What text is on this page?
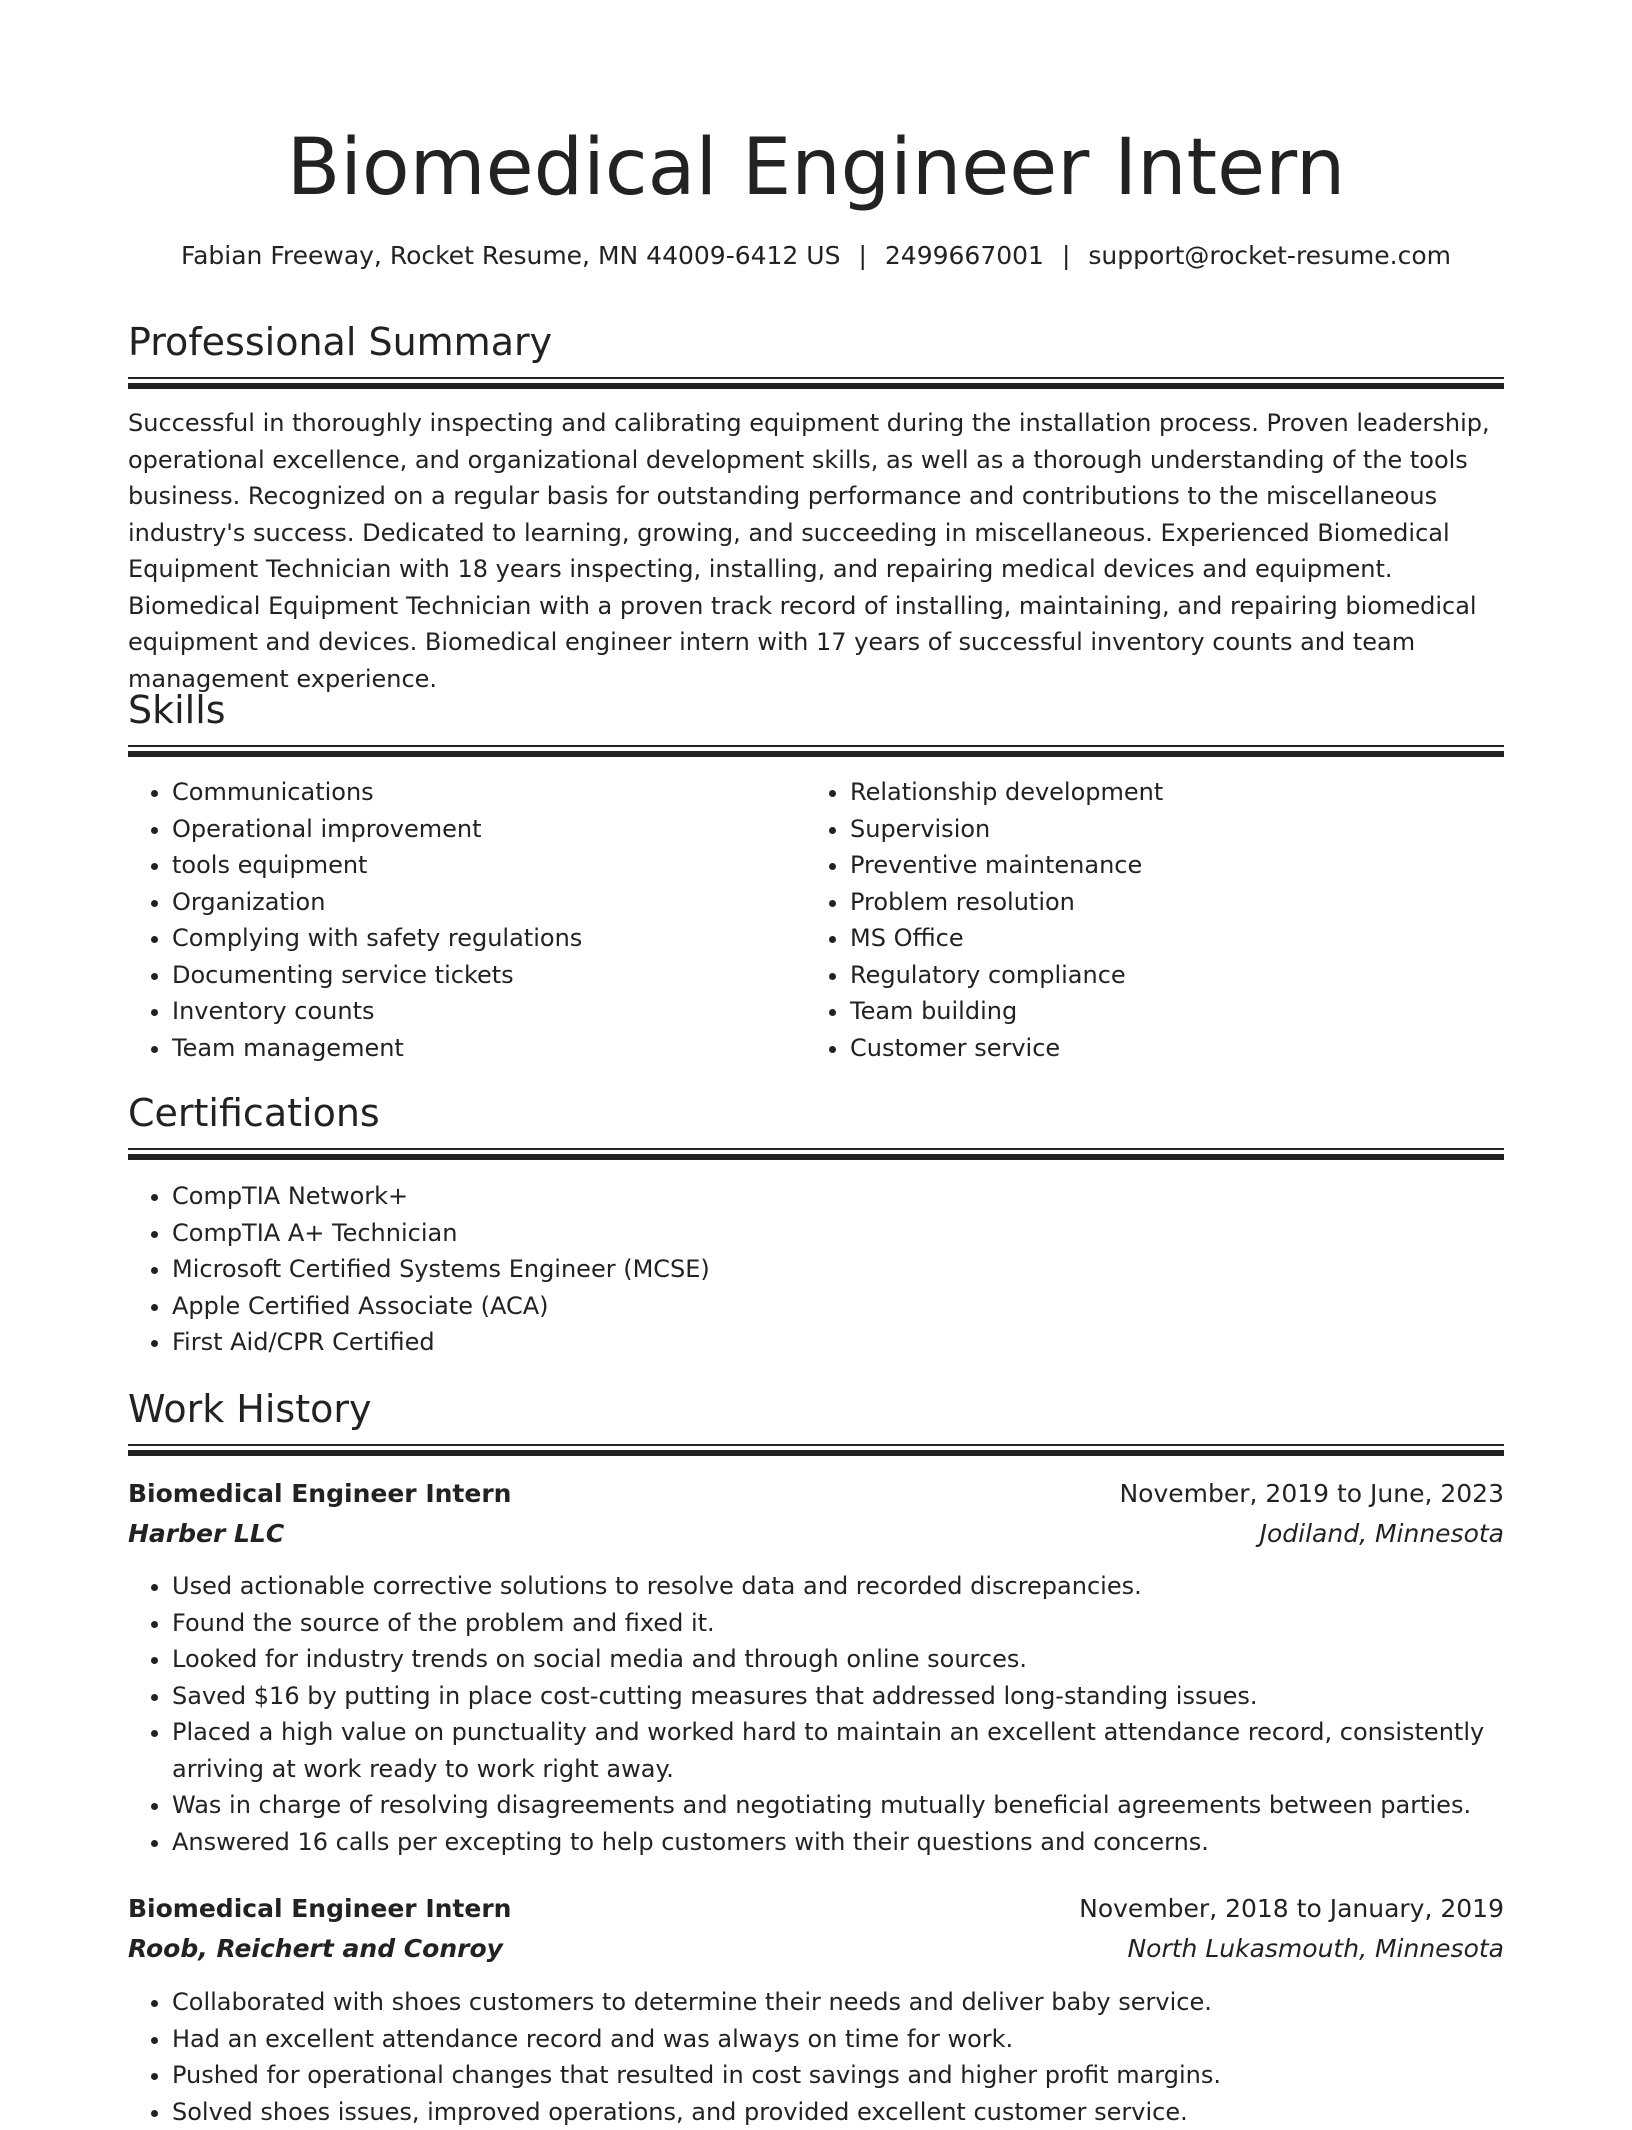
Biomedical Engineer Intern
Fabian Freeway, Rocket Resume, MN 44009-6412 US | 2499667001 | support@rocket-resume.com
Professional Summary

Successful in thoroughly inspecting and calibrating equipment during the installation process. Proven leadership, operational excellence, and organizational development skills, as well as a thorough understanding of the tools business. Recognized on a regular basis for outstanding performance and contributions to the miscellaneous industry's success. Dedicated to learning, growing, and succeeding in miscellaneous. Experienced Biomedical Equipment Technician with 18 years inspecting, installing, and repairing medical devices and equipment. Biomedical Equipment Technician with a proven track record of installing, maintaining, and repairing biomedical equipment and devices. Biomedical engineer intern with 17 years of successful inventory counts and team management experience.

Skills
• Communications
• Operational improvement
• tools equipment
• Organization
• Complying with safety regulations
• Documenting service tickets
• Inventory counts
• Team management
• Relationship development
• Supervision
• Preventive maintenance
• Problem resolution
• MS Office
• Regulatory compliance
• Team building
• Customer service
Certifications
• CompTIA Network+
• CompTIA A+ Technician
• Microsoft Certified Systems Engineer (MCSE)
• Apple Certified Associate (ACA)
• First Aid/CPR Certified
Work History
Biomedical Engineer Intern	November, 2019 to June, 2023
Harber LLC	Jodiland, Minnesota
• Used actionable corrective solutions to resolve data and recorded discrepancies.
• Found the source of the problem and fixed it.
• Looked for industry trends on social media and through online sources.
• Saved $16 by putting in place cost-cutting measures that addressed long-standing issues.
• Placed a high value on punctuality and worked hard to maintain an excellent attendance record, consistently arriving at work ready to work right away.
• Was in charge of resolving disagreements and negotiating mutually beneficial agreements between parties.
• Answered 16 calls per excepting to help customers with their questions and concerns.
Biomedical Engineer Intern	November, 2018 to January, 2019
Roob, Reichert and Conroy	North Lukasmouth, Minnesota
• Collaborated with shoes customers to determine their needs and deliver baby service.
• Had an excellent attendance record and was always on time for work.
• Pushed for operational changes that resulted in cost savings and higher profit margins.
• Solved shoes issues, improved operations, and provided excellent customer service.
